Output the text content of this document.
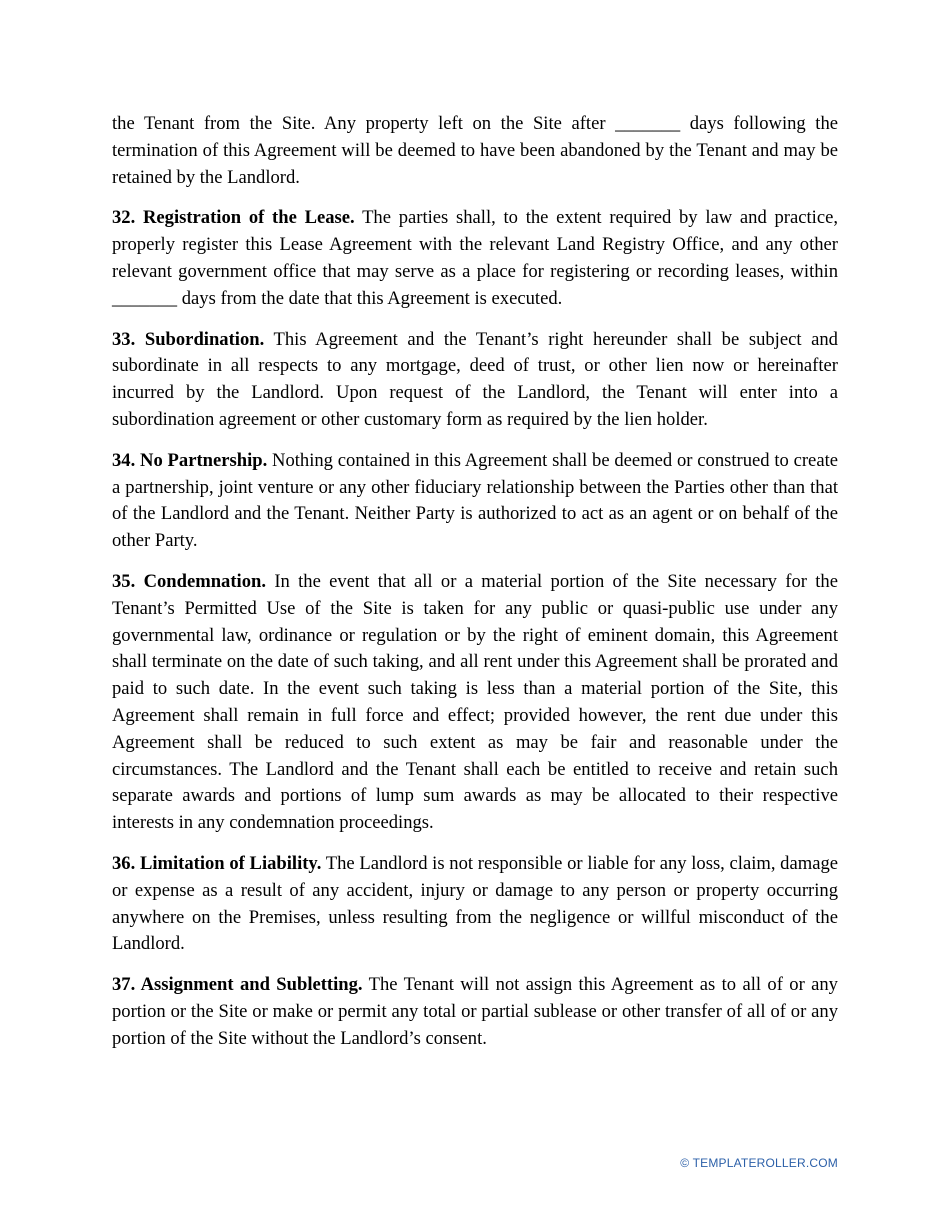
the Tenant from the Site. Any property left on the Site after _______ days following the termination of this Agreement will be deemed to have been abandoned by the Tenant and may be retained by the Landlord.

32. Registration of the Lease. The parties shall, to the extent required by law and practice, properly register this Lease Agreement with the relevant Land Registry Office, and any other relevant government office that may serve as a place for registering or recording leases, within _______ days from the date that this Agreement is executed.

33. Subordination. This Agreement and the Tenant’s right hereunder shall be subject and subordinate in all respects to any mortgage, deed of trust, or other lien now or hereinafter incurred by the Landlord. Upon request of the Landlord, the Tenant will enter into a subordination agreement or other customary form as required by the lien holder.

34. No Partnership. Nothing contained in this Agreement shall be deemed or construed to create a partnership, joint venture or any other fiduciary relationship between the Parties other than that of the Landlord and the Tenant. Neither Party is authorized to act as an agent or on behalf of the other Party.

35. Condemnation. In the event that all or a material portion of the Site necessary for the Tenant’s Permitted Use of the Site is taken for any public or quasi-public use under any governmental law, ordinance or regulation or by the right of eminent domain, this Agreement shall terminate on the date of such taking, and all rent under this Agreement shall be prorated and paid to such date. In the event such taking is less than a material portion of the Site, this Agreement shall remain in full force and effect; provided however, the rent due under this Agreement shall be reduced to such extent as may be fair and reasonable under the circumstances. The Landlord and the Tenant shall each be entitled to receive and retain such separate awards and portions of lump sum awards as may be allocated to their respective interests in any condemnation proceedings.

36. Limitation of Liability. The Landlord is not responsible or liable for any loss, claim, damage or expense as a result of any accident, injury or damage to any person or property occurring anywhere on the Premises, unless resulting from the negligence or willful misconduct of the Landlord.

37. Assignment and Subletting. The Tenant will not assign this Agreement as to all of or any portion or the Site or make or permit any total or partial sublease or other transfer of all of or any portion of the Site without the Landlord’s consent.

© TEMPLATEROLLER.COM
